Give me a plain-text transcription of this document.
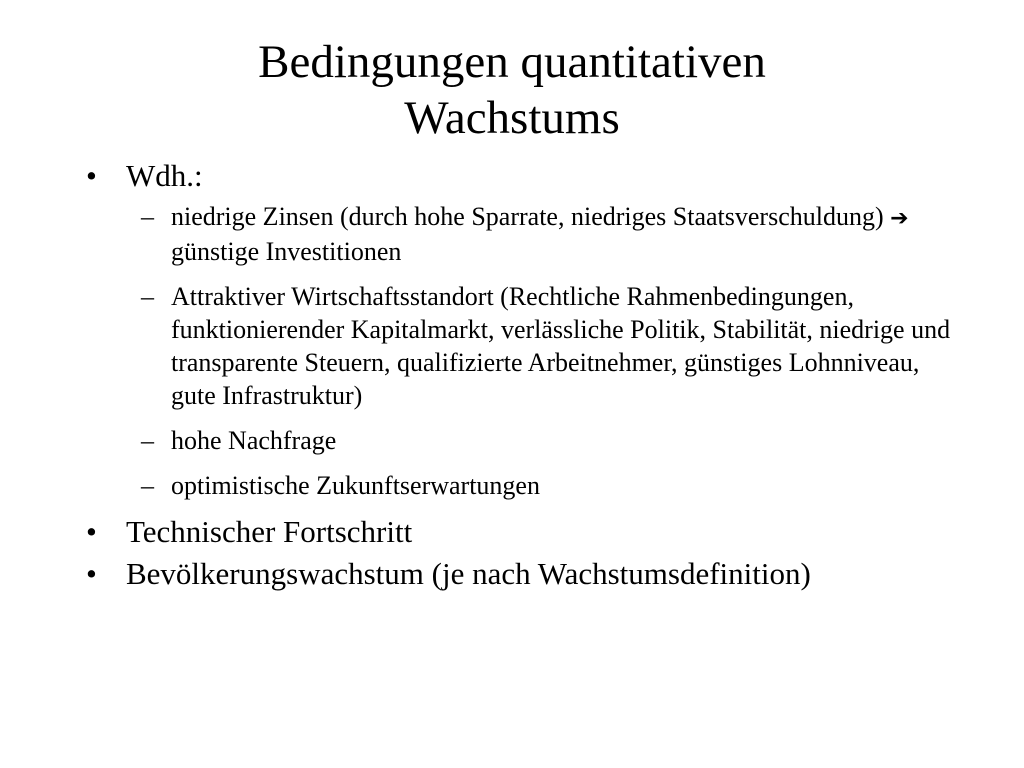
Bedingungen quantitativen
Wachstums
• Wdh.:
– niedrige Zinsen (durch hohe Sparrate, niedriges Staatsverschuldung) ➔ günstige Investitionen
– Attraktiver Wirtschaftsstandort (Rechtliche Rahmenbedingungen, funktionierender Kapitalmarkt, verlässliche Politik, Stabilität, niedrige und transparente Steuern, qualifizierte Arbeitnehmer, günstiges Lohnniveau, gute Infrastruktur)
– hohe Nachfrage
– optimistische Zukunftserwartungen
• Technischer Fortschritt
• Bevölkerungswachstum (je nach Wachstumsdefinition)
